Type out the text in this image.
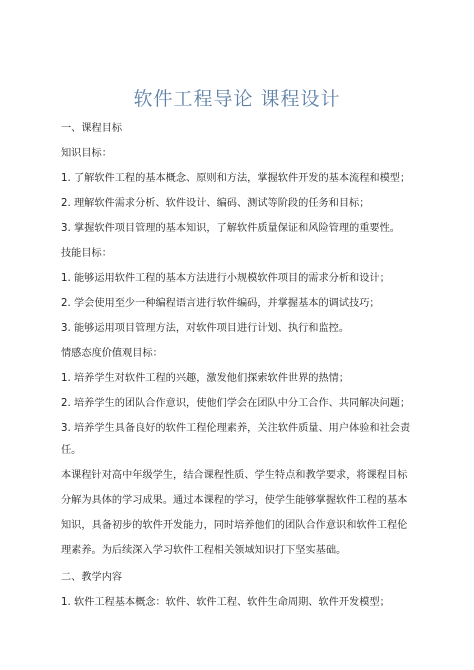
软件工程导论 课程设计
一、课程目标
知识目标：
1. 了解软件工程的基本概念、原则和方法，掌握软件开发的基本流程和模型；
2. 理解软件需求分析、软件设计、编码、测试等阶段的任务和目标；
3. 掌握软件项目管理的基本知识，了解软件质量保证和风险管理的重要性。
技能目标：
1. 能够运用软件工程的基本方法进行小规模软件项目的需求分析和设计；
2. 学会使用至少一种编程语言进行软件编码，并掌握基本的调试技巧；
3. 能够运用项目管理方法，对软件项目进行计划、执行和监控。
情感态度价值观目标：
1. 培养学生对软件工程的兴趣，激发他们探索软件世界的热情；
2. 培养学生的团队合作意识，使他们学会在团队中分工合作、共同解决问题；
3. 培养学生具备良好的软件工程伦理素养，关注软件质量、用户体验和社会责
任。
本课程针对高中年级学生，结合课程性质、学生特点和教学要求，将课程目标
分解为具体的学习成果。通过本课程的学习，使学生能够掌握软件工程的基本
知识，具备初步的软件开发能力，同时培养他们的团队合作意识和软件工程伦
理素养。为后续深入学习软件工程相关领域知识打下坚实基础。
二、教学内容
1. 软件工程基本概念：软件、软件工程、软件生命周期、软件开发模型；
